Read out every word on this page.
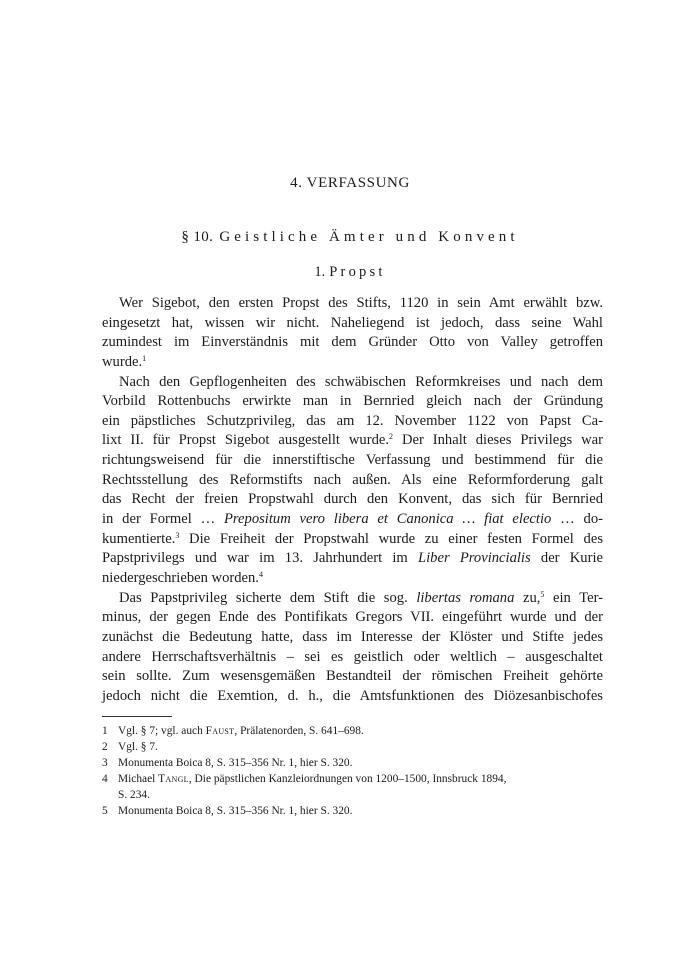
4. VERFASSUNG
§ 10. Geistliche Ämter und Konvent
1. Propst
Wer Sigebot, den ersten Propst des Stifts, 1120 in sein Amt erwählt bzw.
eingesetzt hat, wissen wir nicht. Naheliegend ist jedoch, dass seine Wahl
zumindest im Einverständnis mit dem Gründer Otto von Valley getroffen
wurde.$^1$
Nach den Gepflogenheiten des schwäbischen Reformkreises und nach dem
Vorbild Rottenbuchs erwirkte man in Bernried gleich nach der Gründung
ein päpstliches Schutzprivileg, das am 12. November 1122 von Papst Ca-
lixt II. für Propst Sigebot ausgestellt wurde.$^2$ Der Inhalt dieses Privilegs war
richtungsweisend für die innerstiftische Verfassung und bestimmend für die
Rechtsstellung des Reformstifts nach außen. Als eine Reformforderung galt
das Recht der freien Propstwahl durch den Konvent, das sich für Bernried
in der Formel … Prepositum vero libera et Canonica … fiat electio … do-
kumentierte.$^3$ Die Freiheit der Propstwahl wurde zu einer festen Formel des
Papstprivilegs und war im 13. Jahrhundert im Liber Provincialis der Kurie
niedergeschrieben worden.$^4$
Das Papstprivileg sicherte dem Stift die sog. libertas romana zu,$^5$ ein Ter-
minus, der gegen Ende des Pontifikats Gregors VII. eingeführt wurde und der
zunächst die Bedeutung hatte, dass im Interesse der Klöster und Stifte jedes
andere Herrschaftsverhältnis – sei es geistlich oder weltlich – ausgeschaltet
sein sollte. Zum wesensgemäßen Bestandteil der römischen Freiheit gehörte
jedoch nicht die Exemtion, d. h., die Amtsfunktionen des Diözesanbischofes
1 Vgl. § 7; vgl. auch Faust, Prälatenorden, S. 641–698.
2 Vgl. § 7.
3 Monumenta Boica 8, S. 315–356 Nr. 1, hier S. 320.
4 Michael Tangl, Die päpstlichen Kanzleiordnungen von 1200–1500, Innsbruck 1894,
S. 234.
5 Monumenta Boica 8, S. 315–356 Nr. 1, hier S. 320.
